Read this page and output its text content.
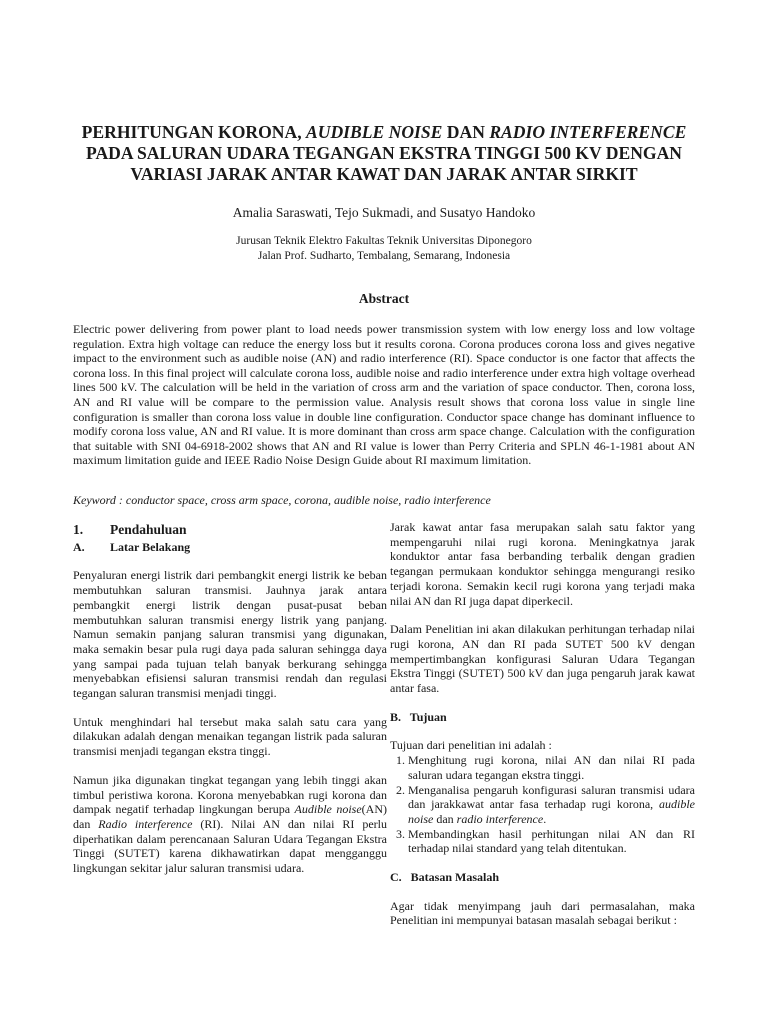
PERHITUNGAN KORONA, AUDIBLE NOISE DAN RADIO INTERFERENCE
PADA SALURAN UDARA TEGANGAN EKSTRA TINGGI 500 KV DENGAN
VARIASI JARAK ANTAR KAWAT DAN JARAK ANTAR SIRKIT
Amalia Saraswati, Tejo Sukmadi, and Susatyo Handoko
Jurusan Teknik Elektro Fakultas Teknik Universitas Diponegoro
Jalan Prof. Sudharto, Tembalang, Semarang, Indonesia
Abstract
Electric power delivering from power plant to load needs power transmission system with low energy loss and low voltage regulation. Extra high voltage can reduce the energy loss but it results corona. Corona produces corona loss and gives negative impact to the environment such as audible noise (AN) and radio interference (RI). Space conductor is one factor that affects the corona loss. In this final project will calculate corona loss, audible noise and radio interference under extra high voltage overhead lines 500 kV. The calculation will be held in the variation of cross arm and the variation of space conductor. Then, corona loss, AN and RI value will be compare to the permission value. Analysis result shows that corona loss value in single line configuration is smaller than corona loss value in double line configuration. Conductor space change has dominant influence to modify corona loss value, AN and RI value. It is more dominant than cross arm space change. Calculation with the configuration that suitable with SNI 04-6918-2002 shows that AN and RI value is lower than Perry Criteria and SPLN 46-1-1981 about AN maximum limitation guide and IEEE Radio Noise Design Guide about RI maximum limitation.
Keyword : conductor space, cross arm space, corona, audible noise, radio interference
1.	Pendahuluan
A.	Latar Belakang

Penyaluran energi listrik dari pembangkit energi listrik ke beban membutuhkan saluran transmisi. Jauhnya jarak antara pembangkit energi listrik dengan pusat-pusat beban membutuhkan saluran transmisi energy listrik yang panjang. Namun semakin panjang saluran transmisi yang digunakan, maka semakin besar pula rugi daya pada saluran sehingga daya yang sampai pada tujuan telah banyak berkurang sehingga menyebabkan efisiensi saluran transmisi rendah dan regulasi tegangan saluran transmisi menjadi tinggi.

Untuk menghindari hal tersebut maka salah satu cara yang dilakukan adalah dengan menaikan tegangan listrik pada saluran transmisi menjadi tegangan ekstra tinggi.

Namun jika digunakan tingkat tegangan yang lebih tinggi akan timbul peristiwa korona. Korona menyebabkan rugi korona dan dampak negatif terhadap lingkungan berupa Audible noise(AN) dan Radio interference (RI). Nilai AN dan nilai RI perlu diperhatikan dalam perencanaan Saluran Udara Tegangan Ekstra Tinggi (SUTET) karena dikhawatirkan dapat mengganggu lingkungan sekitar jalur saluran transmisi udara.

Jarak kawat antar fasa merupakan salah satu faktor yang mempengaruhi nilai rugi korona. Meningkatnya jarak konduktor antar fasa berbanding terbalik dengan gradien tegangan permukaan konduktor sehingga mengurangi resiko terjadi korona. Semakin kecil rugi korona yang terjadi maka nilai AN dan RI juga dapat diperkecil.

Dalam Penelitian ini akan dilakukan perhitungan terhadap nilai rugi korona, AN dan RI pada SUTET 500 kV dengan mempertimbangkan konfigurasi Saluran Udara Tegangan Ekstra Tinggi (SUTET) 500 kV dan juga pengaruh jarak kawat antar fasa.

B.   Tujuan

Tujuan dari penelitian ini adalah :

1. Menghitung rugi korona, nilai AN dan nilai RI pada saluran udara tegangan ekstra tinggi.
2. Menganalisa pengaruh konfigurasi saluran transmisi udara dan jarakkawat antar fasa terhadap rugi korona, audible noise dan radio interference.
3. Membandingkan hasil perhitungan nilai AN dan RI terhadap nilai standard yang telah ditentukan.
C.   Batasan Masalah

Agar tidak menyimpang jauh dari permasalahan, maka Penelitian ini mempunyai batasan masalah sebagai berikut :
